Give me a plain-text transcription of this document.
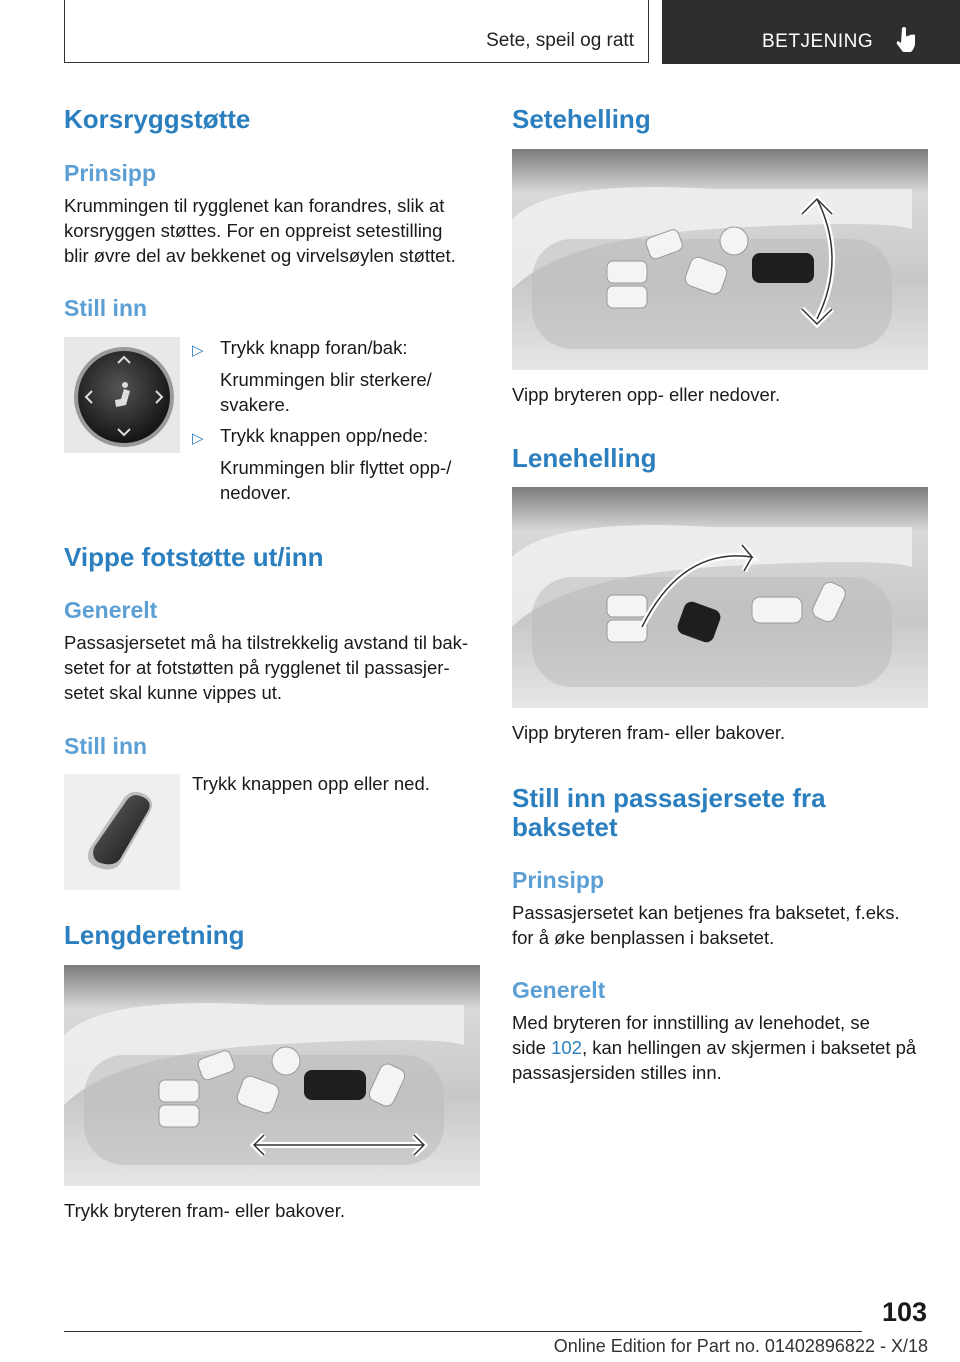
Sete, speil og ratt	BETJENING
Korsryggstøtte
Prinsipp

Krummingen til rygglenet kan forandres, slik at

korsryggen støttes. For en oppreist setestilling

blir øvre del av bekkenet og virvelsøylen støttet.

Still inn
▷ Trykk knapp foran/bak:

Krummingen blir sterkere/

svakere.

▷ Trykk knappen opp/nede:

Krummingen blir flyttet opp-/

nedover.

Vippe fotstøtte ut/inn
Generelt

Passasjersetet må ha tilstrekkelig avstand til bak-

setet for at fotstøtten på rygglenet til passasjer-

setet skal kunne vippes ut.

Still inn

Trykk knappen opp eller ned.

Lengderetning

Trykk bryteren fram- eller bakover.

Setehelling

Vipp bryteren opp- eller nedover.

Lenehelling

Vipp bryteren fram- eller bakover.

Still inn passasjersete fra
baksetet
Prinsipp

Passasjersetet kan betjenes fra baksetet, f.eks.

for å øke benplassen i baksetet.

Generelt

Med bryteren for innstilling av lenehodet, se

side 102, kan hellingen av skjermen i baksetet på

passasjersiden stilles inn.

103
Online Edition for Part no. 01402896822 - X/18
